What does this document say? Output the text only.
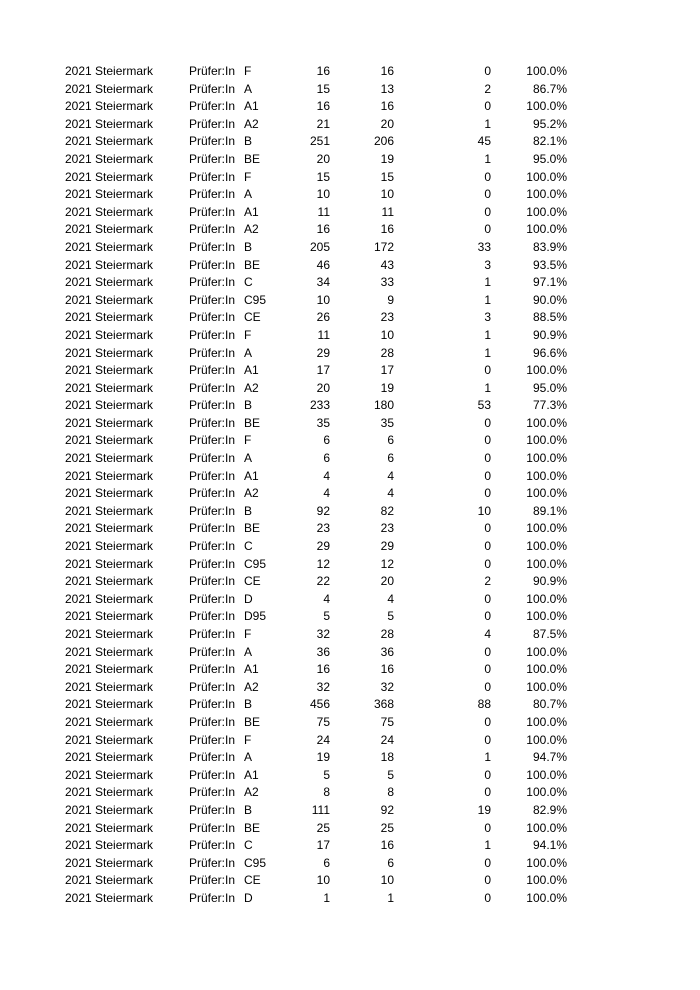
2021 Steiermark	Prüfer:In F	16	16	0	100.0%
2021 Steiermark	Prüfer:In A	15	13	2	86.7%
2021 Steiermark	Prüfer:In A1	16	16	0	100.0%
2021 Steiermark	Prüfer:In A2	21	20	1	95.2%
2021 Steiermark	Prüfer:In B	251	206	45	82.1%
2021 Steiermark	Prüfer:In BE	20	19	1	95.0%
2021 Steiermark	Prüfer:In F	15	15	0	100.0%
2021 Steiermark	Prüfer:In A	10	10	0	100.0%
2021 Steiermark	Prüfer:In A1	11	11	0	100.0%
2021 Steiermark	Prüfer:In A2	16	16	0	100.0%
2021 Steiermark	Prüfer:In B	205	172	33	83.9%
2021 Steiermark	Prüfer:In BE	46	43	3	93.5%
2021 Steiermark	Prüfer:In C	34	33	1	97.1%
2021 Steiermark	Prüfer:In C95	10	9	1	90.0%
2021 Steiermark	Prüfer:In CE	26	23	3	88.5%
2021 Steiermark	Prüfer:In F	11	10	1	90.9%
2021 Steiermark	Prüfer:In A	29	28	1	96.6%
2021 Steiermark	Prüfer:In A1	17	17	0	100.0%
2021 Steiermark	Prüfer:In A2	20	19	1	95.0%
2021 Steiermark	Prüfer:In B	233	180	53	77.3%
2021 Steiermark	Prüfer:In BE	35	35	0	100.0%
2021 Steiermark	Prüfer:In F	6	6	0	100.0%
2021 Steiermark	Prüfer:In A	6	6	0	100.0%
2021 Steiermark	Prüfer:In A1	4	4	0	100.0%
2021 Steiermark	Prüfer:In A2	4	4	0	100.0%
2021 Steiermark	Prüfer:In B	92	82	10	89.1%
2021 Steiermark	Prüfer:In BE	23	23	0	100.0%
2021 Steiermark	Prüfer:In C	29	29	0	100.0%
2021 Steiermark	Prüfer:In C95	12	12	0	100.0%
2021 Steiermark	Prüfer:In CE	22	20	2	90.9%
2021 Steiermark	Prüfer:In D	4	4	0	100.0%
2021 Steiermark	Prüfer:In D95	5	5	0	100.0%
2021 Steiermark	Prüfer:In F	32	28	4	87.5%
2021 Steiermark	Prüfer:In A	36	36	0	100.0%
2021 Steiermark	Prüfer:In A1	16	16	0	100.0%
2021 Steiermark	Prüfer:In A2	32	32	0	100.0%
2021 Steiermark	Prüfer:In B	456	368	88	80.7%
2021 Steiermark	Prüfer:In BE	75	75	0	100.0%
2021 Steiermark	Prüfer:In F	24	24	0	100.0%
2021 Steiermark	Prüfer:In A	19	18	1	94.7%
2021 Steiermark	Prüfer:In A1	5	5	0	100.0%
2021 Steiermark	Prüfer:In A2	8	8	0	100.0%
2021 Steiermark	Prüfer:In B	111	92	19	82.9%
2021 Steiermark	Prüfer:In BE	25	25	0	100.0%
2021 Steiermark	Prüfer:In C	17	16	1	94.1%
2021 Steiermark	Prüfer:In C95	6	6	0	100.0%
2021 Steiermark	Prüfer:In CE	10	10	0	100.0%
2021 Steiermark	Prüfer:In D	1	1	0	100.0%
